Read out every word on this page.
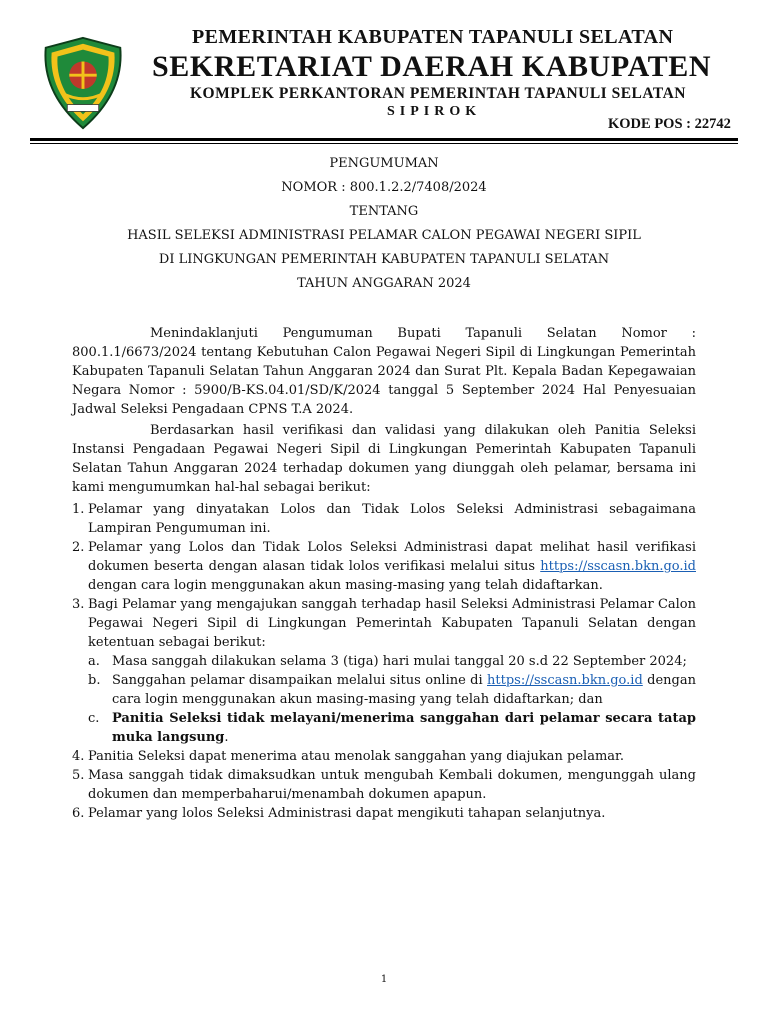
PEMERINTAH KABUPATEN TAPANULI SELATAN
SEKRETARIAT DAERAH KABUPATEN
KOMPLEK PERKANTORAN PEMERINTAH TAPANULI SELATAN
SIPIROK
KODE POS : 22742
PENGUMUMAN
NOMOR : 800.1.2.2/7408/2024
TENTANG
HASIL SELEKSI ADMINISTRASI PELAMAR CALON PEGAWAI NEGERI SIPIL
DI LINGKUNGAN PEMERINTAH KABUPATEN TAPANULI SELATAN
TAHUN ANGGARAN 2024
Menindaklanjuti Pengumuman Bupati Tapanuli Selatan Nomor : 800.1.1/6673/2024 tentang Kebutuhan Calon Pegawai Negeri Sipil di Lingkungan Pemerintah Kabupaten Tapanuli Selatan Tahun Anggaran 2024 dan Surat Plt. Kepala Badan Kepegawaian Negara Nomor : 5900/B-KS.04.01/SD/K/2024 tanggal 5 September 2024 Hal Penyesuaian Jadwal Seleksi Pengadaan CPNS T.A 2024.
Berdasarkan hasil verifikasi dan validasi yang dilakukan oleh Panitia Seleksi Instansi Pengadaan Pegawai Negeri Sipil di Lingkungan Pemerintah Kabupaten Tapanuli Selatan Tahun Anggaran 2024 terhadap dokumen yang diunggah oleh pelamar, bersama ini kami mengumumkan hal-hal sebagai berikut:
1. Pelamar yang dinyatakan Lolos dan Tidak Lolos Seleksi Administrasi sebagaimana Lampiran Pengumuman ini.
2. Pelamar yang Lolos dan Tidak Lolos Seleksi Administrasi dapat melihat hasil verifikasi dokumen beserta dengan alasan tidak lolos verifikasi melalui situs https://sscasn.bkn.go.id dengan cara login menggunakan akun masing-masing yang telah didaftarkan.
3. Bagi Pelamar yang mengajukan sanggah terhadap hasil Seleksi Administrasi Pelamar Calon Pegawai Negeri Sipil di Lingkungan Pemerintah Kabupaten Tapanuli Selatan dengan ketentuan sebagai berikut:
a. Masa sanggah dilakukan selama 3 (tiga) hari mulai tanggal 20 s.d 22 September 2024;
b. Sanggahan pelamar disampaikan melalui situs online di https://sscasn.bkn.go.id dengan cara login menggunakan akun masing-masing yang telah didaftarkan; dan
c. Panitia Seleksi tidak melayani/menerima sanggahan dari pelamar secara tatap muka langsung.
4. Panitia Seleksi dapat menerima atau menolak sanggahan yang diajukan pelamar.
5. Masa sanggah tidak dimaksudkan untuk mengubah Kembali dokumen, mengunggah ulang dokumen dan memperbaharui/menambah dokumen apapun.
6. Pelamar yang lolos Seleksi Administrasi dapat mengikuti tahapan selanjutnya.
1
